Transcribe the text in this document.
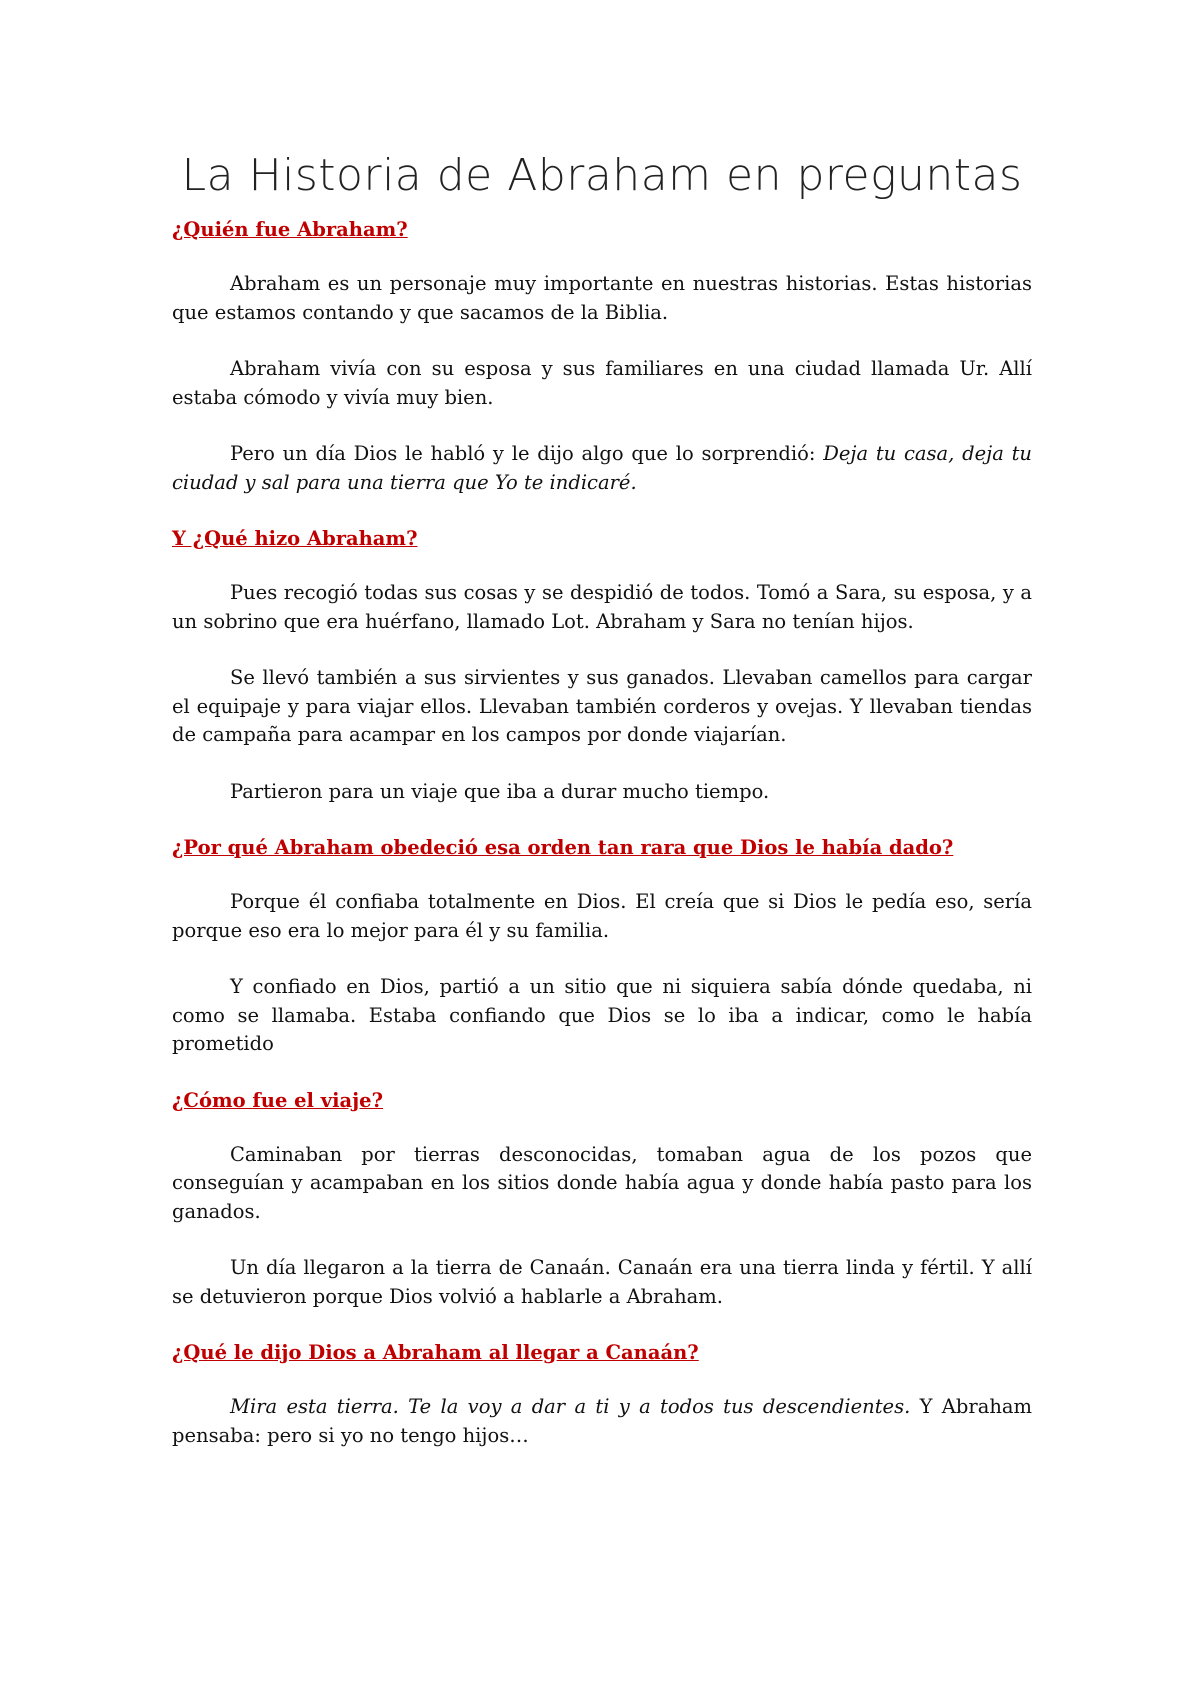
La Historia de Abraham en preguntas
¿Quién fue Abraham?

Abraham es un personaje muy importante en nuestras historias. Estas historias que estamos contando y que sacamos de la Biblia.

Abraham vivía con su esposa y sus familiares en una ciudad llamada Ur. Allí estaba cómodo y vivía muy bien.

Pero un día Dios le habló y le dijo algo que lo sorprendió: Deja tu casa, deja tu ciudad y sal para una tierra que Yo te indicaré.

Y ¿Qué hizo Abraham?

Pues recogió todas sus cosas y se despidió de todos. Tomó a Sara, su esposa, y a un sobrino que era huérfano, llamado Lot. Abraham y Sara no tenían hijos.

Se llevó también a sus sirvientes y sus ganados. Llevaban camellos para cargar el equipaje y para viajar ellos. Llevaban también corderos y ovejas. Y llevaban tiendas de campaña para acampar en los campos por donde viajarían.

Partieron para un viaje que iba a durar mucho tiempo.

¿Por qué Abraham obedeció esa orden tan rara que Dios le había dado?

Porque él confiaba totalmente en Dios. El creía que si Dios le pedía eso, sería porque eso era lo mejor para él y su familia.

Y confiado en Dios, partió a un sitio que ni siquiera sabía dónde quedaba, ni como se llamaba. Estaba confiando que Dios se lo iba a indicar, como le había prometido

¿Cómo fue el viaje?

Caminaban por tierras desconocidas, tomaban agua de los pozos que conseguían y acampaban en los sitios donde había agua y donde había pasto para los ganados.

Un día llegaron a la tierra de Canaán. Canaán era una tierra linda y fértil. Y allí se detuvieron porque Dios volvió a hablarle a Abraham.

¿Qué le dijo Dios a Abraham al llegar a Canaán?

Mira esta tierra. Te la voy a dar a ti y a todos tus descendientes. Y Abraham pensaba: pero si yo no tengo hijos…
